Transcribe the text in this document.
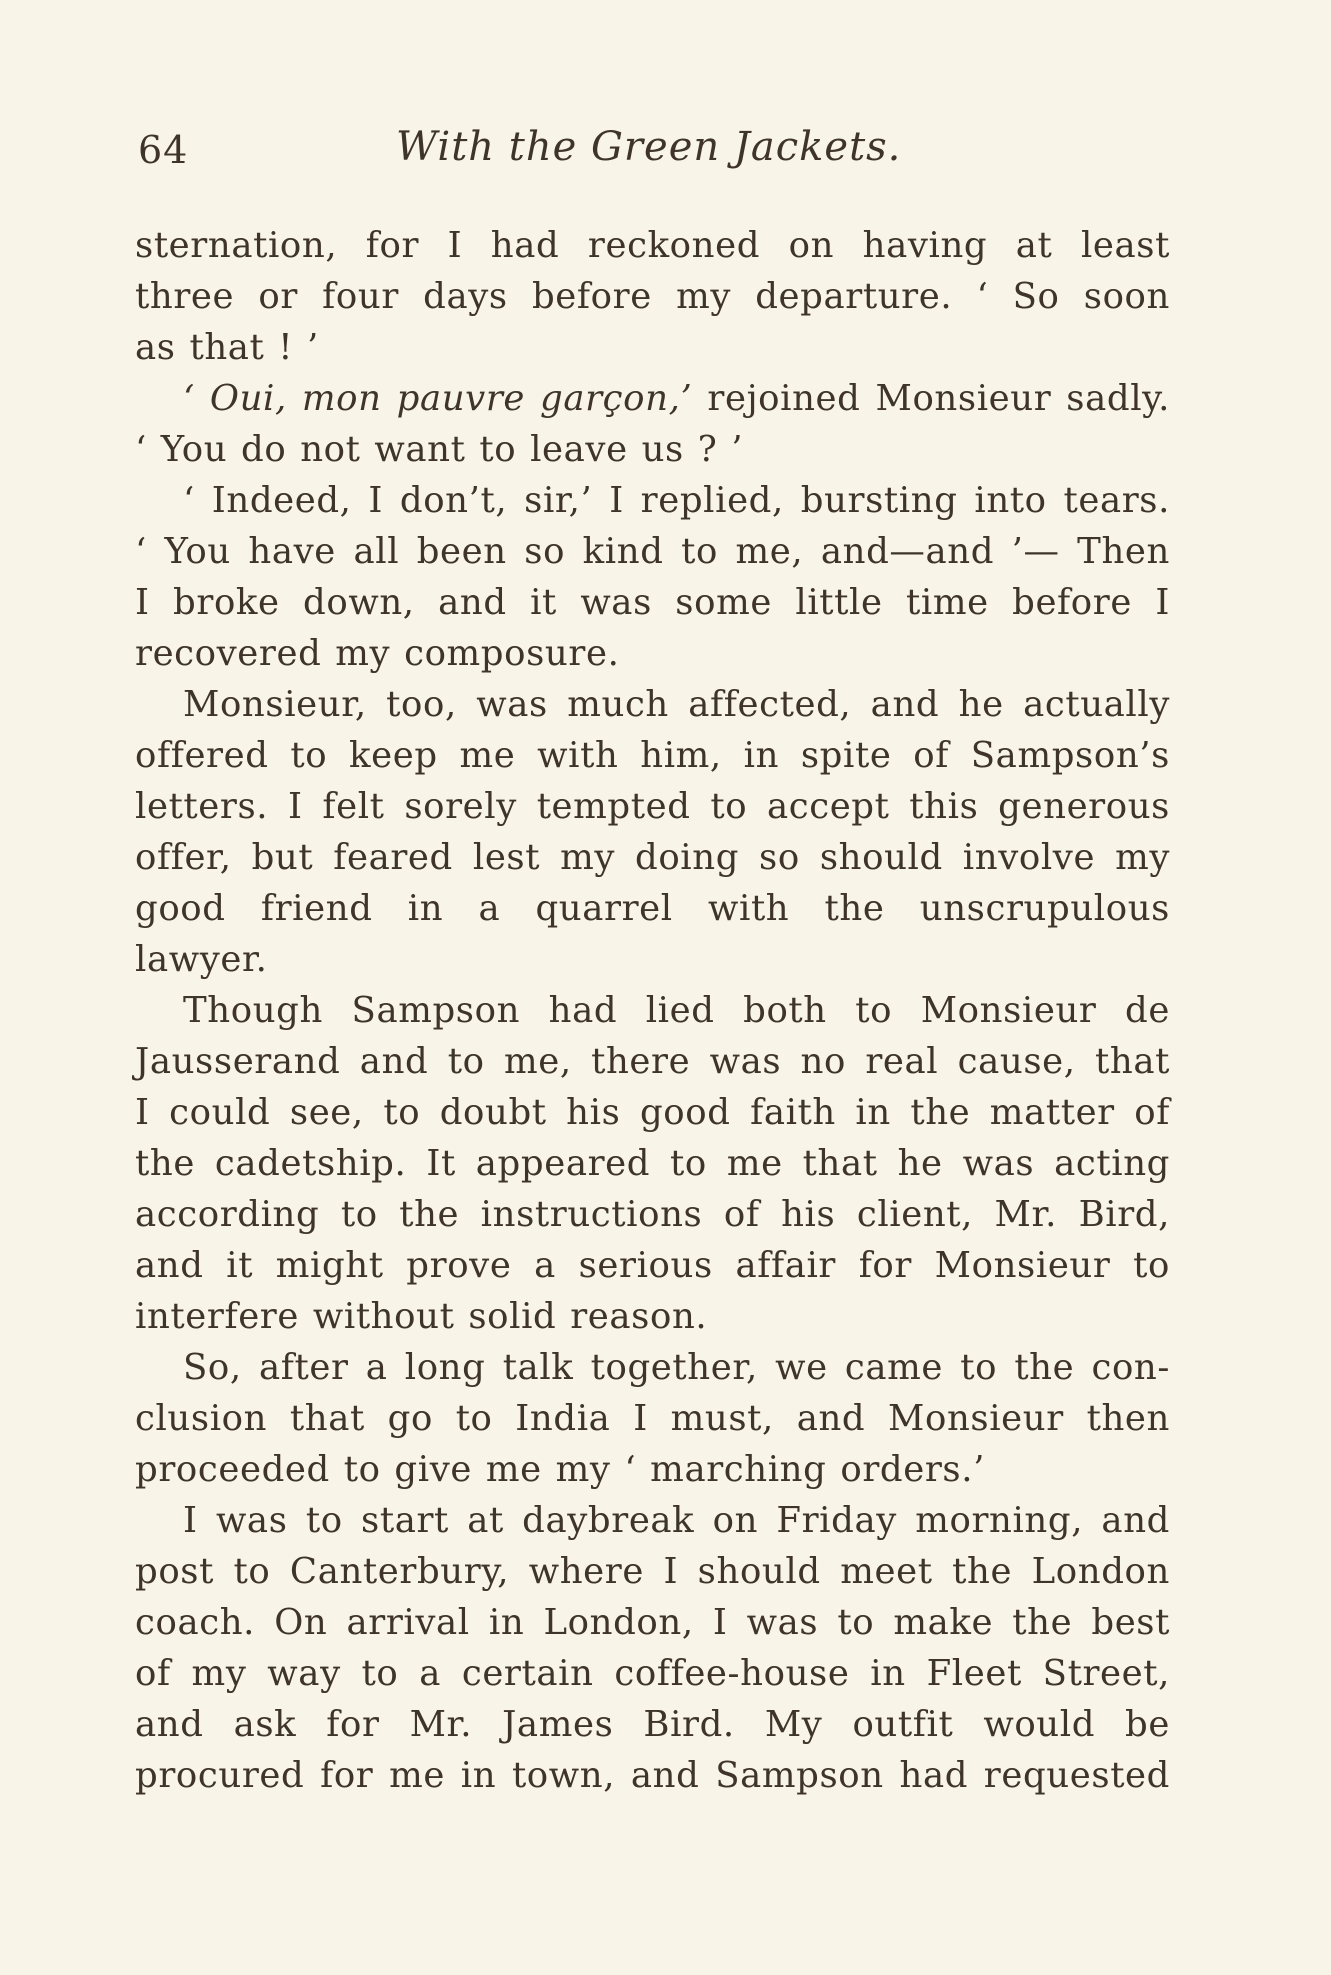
64	With the Green Jackets.
sternation, for I had reckoned on having at least
three or four days before my departure. ‘ So soon
as that ! ’
‘ Oui, mon pauvre garçon,’ rejoined Monsieur sadly.
‘ You do not want to leave us ? ’
‘ Indeed, I don’t, sir,’ I replied, bursting into tears.
‘ You have all been so kind to me, and—and ’— Then
I broke down, and it was some little time before I
recovered my composure.
Monsieur, too, was much affected, and he actually
offered to keep me with him, in spite of Sampson’s
letters. I felt sorely tempted to accept this generous
offer, but feared lest my doing so should involve my
good friend in a quarrel with the unscrupulous
lawyer.
Though Sampson had lied both to Monsieur de
Jausserand and to me, there was no real cause, that
I could see, to doubt his good faith in the matter of
the cadetship. It appeared to me that he was acting
according to the instructions of his client, Mr. Bird,
and it might prove a serious affair for Monsieur to
interfere without solid reason.
So, after a long talk together, we came to the con-
clusion that go to India I must, and Monsieur then
proceeded to give me my ‘ marching orders.’
I was to start at daybreak on Friday morning, and
post to Canterbury, where I should meet the London
coach. On arrival in London, I was to make the best
of my way to a certain coffee-house in Fleet Street,
and ask for Mr. James Bird. My outfit would be
procured for me in town, and Sampson had requested
